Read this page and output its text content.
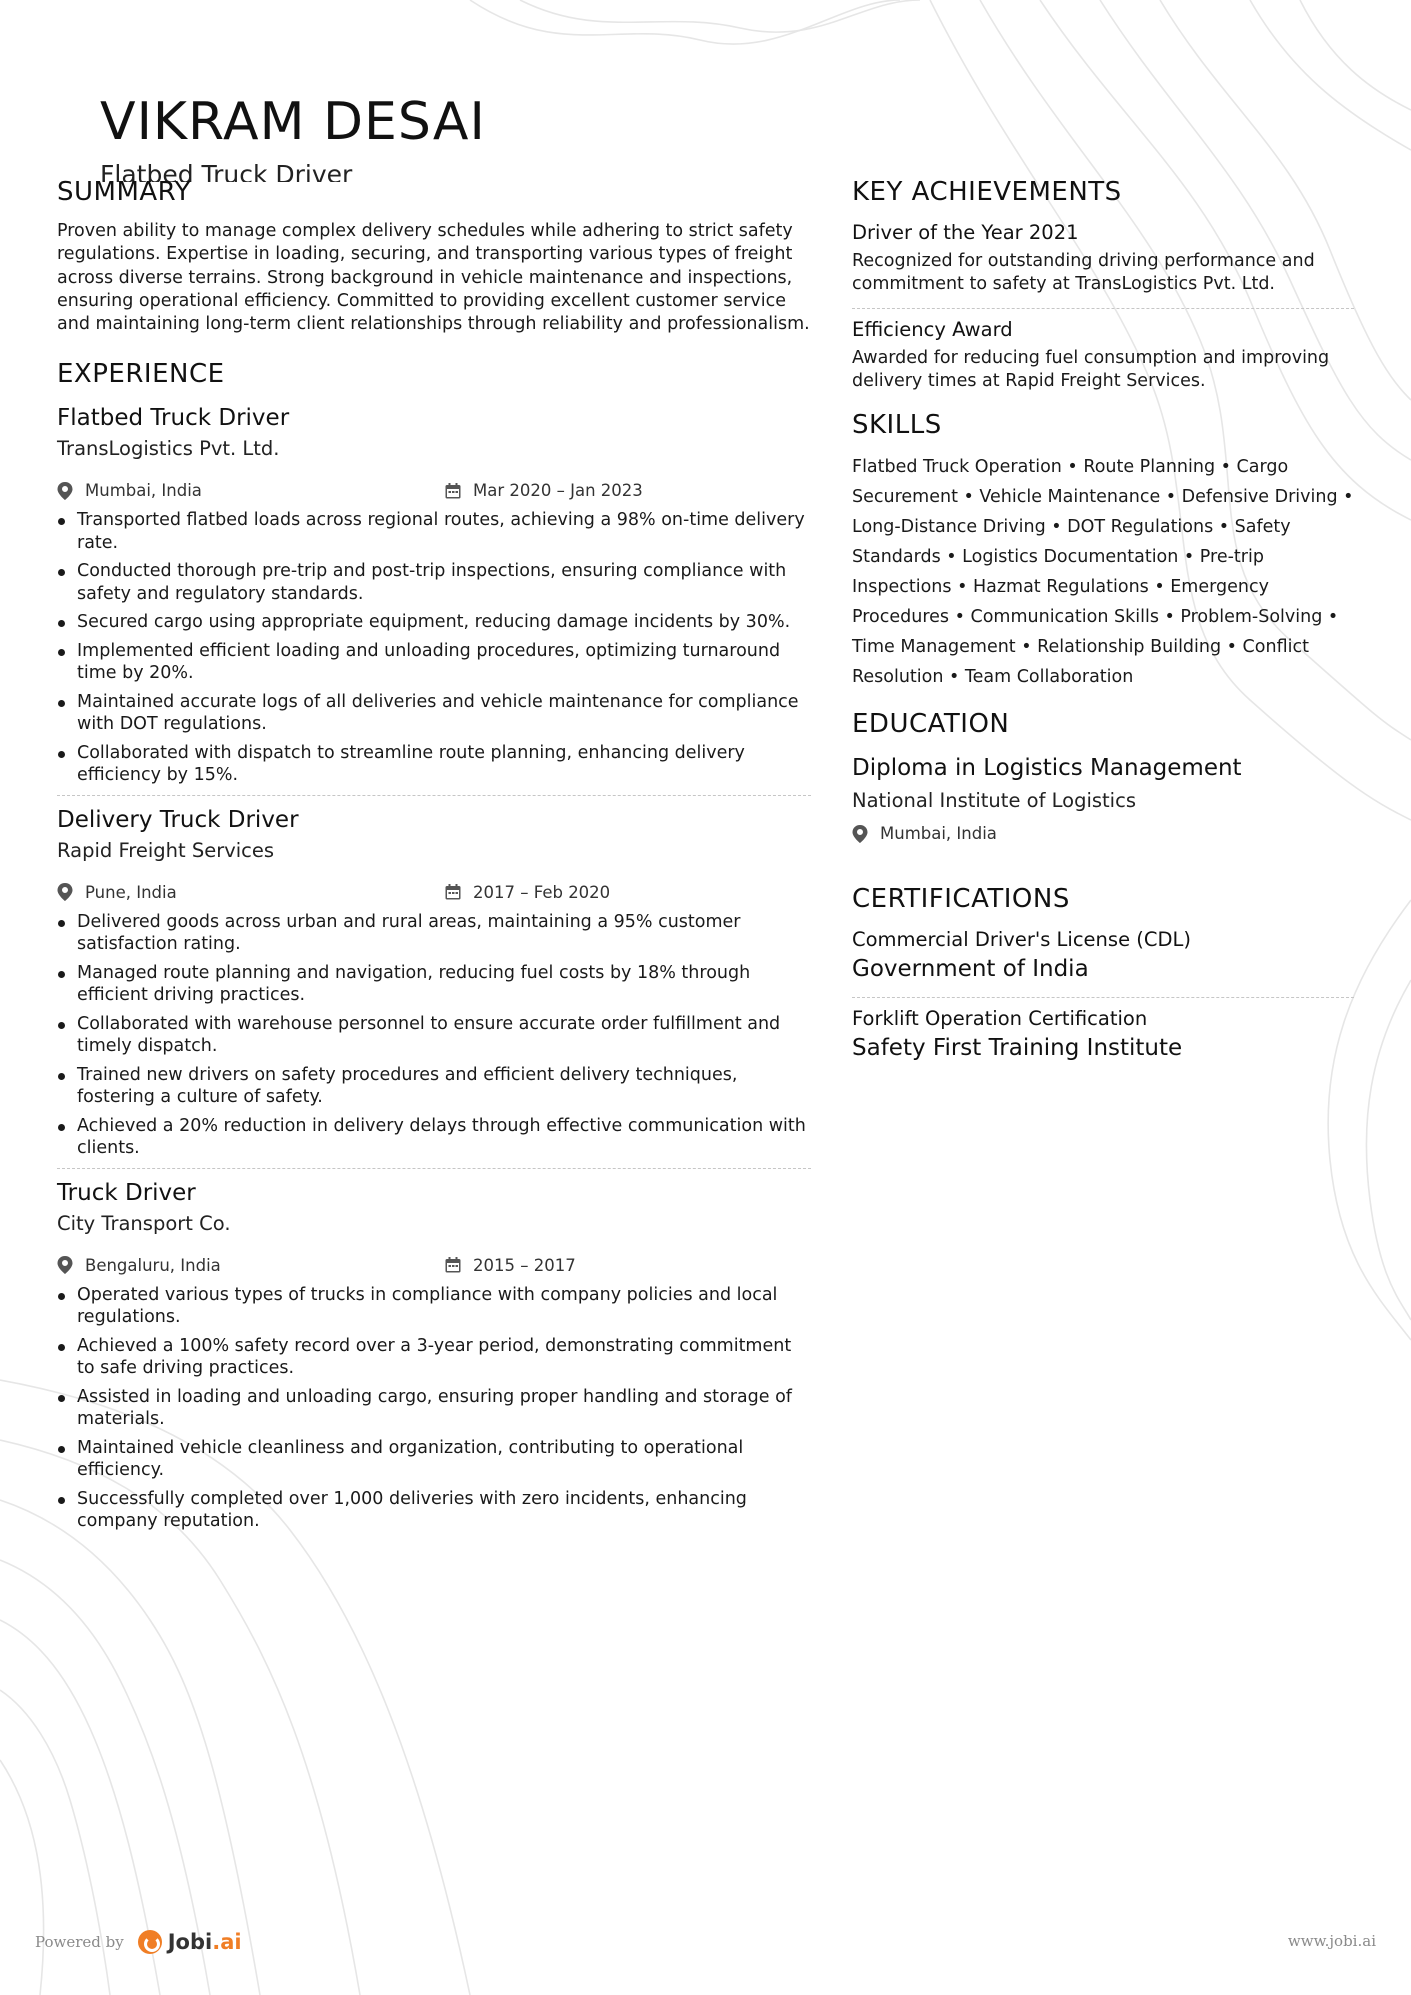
VIKRAM DESAI
Flatbed Truck Driver
SUMMARY
Proven ability to manage complex delivery schedules while adhering to strict safety regulations. Expertise in loading, securing, and transporting various types of freight across diverse terrains. Strong background in vehicle maintenance and inspections, ensuring operational efficiency. Committed to providing excellent customer service and maintaining long-term client relationships through reliability and professionalism.
EXPERIENCE
Flatbed Truck Driver
TransLogistics Pvt. Ltd.
Mumbai, India	Mar 2020 – Jan 2023
Transported flatbed loads across regional routes, achieving a 98% on-time delivery rate.
Conducted thorough pre-trip and post-trip inspections, ensuring compliance with safety and regulatory standards.
Secured cargo using appropriate equipment, reducing damage incidents by 30%.
Implemented efficient loading and unloading procedures, optimizing turnaround time by 20%.
Maintained accurate logs of all deliveries and vehicle maintenance for compliance with DOT regulations.
Collaborated with dispatch to streamline route planning, enhancing delivery efficiency by 15%.
Delivery Truck Driver
Rapid Freight Services
Pune, India	2017 – Feb 2020
Delivered goods across urban and rural areas, maintaining a 95% customer satisfaction rating.
Managed route planning and navigation, reducing fuel costs by 18% through efficient driving practices.
Collaborated with warehouse personnel to ensure accurate order fulfillment and timely dispatch.
Trained new drivers on safety procedures and efficient delivery techniques, fostering a culture of safety.
Achieved a 20% reduction in delivery delays through effective communication with clients.
Truck Driver
City Transport Co.
Bengaluru, India	2015 – 2017
Operated various types of trucks in compliance with company policies and local regulations.
Achieved a 100% safety record over a 3-year period, demonstrating commitment to safe driving practices.
Assisted in loading and unloading cargo, ensuring proper handling and storage of materials.
Maintained vehicle cleanliness and organization, contributing to operational efficiency.
Successfully completed over 1,000 deliveries with zero incidents, enhancing company reputation.
KEY ACHIEVEMENTS
Driver of the Year 2021
Recognized for outstanding driving performance and commitment to safety at TransLogistics Pvt. Ltd.
Efficiency Award
Awarded for reducing fuel consumption and improving delivery times at Rapid Freight Services.
SKILLS
Flatbed Truck Operation • Route Planning • Cargo Securement • Vehicle Maintenance • Defensive Driving • Long-Distance Driving • DOT Regulations • Safety Standards • Logistics Documentation • Pre-trip Inspections • Hazmat Regulations • Emergency Procedures • Communication Skills • Problem-Solving • Time Management • Relationship Building • Conflict Resolution • Team Collaboration
EDUCATION
Diploma in Logistics Management
National Institute of Logistics
Mumbai, India
CERTIFICATIONS
Commercial Driver's License (CDL)
Government of India
Forklift Operation Certification
Safety First Training Institute
Powered by Jobi.ai	www.jobi.ai
